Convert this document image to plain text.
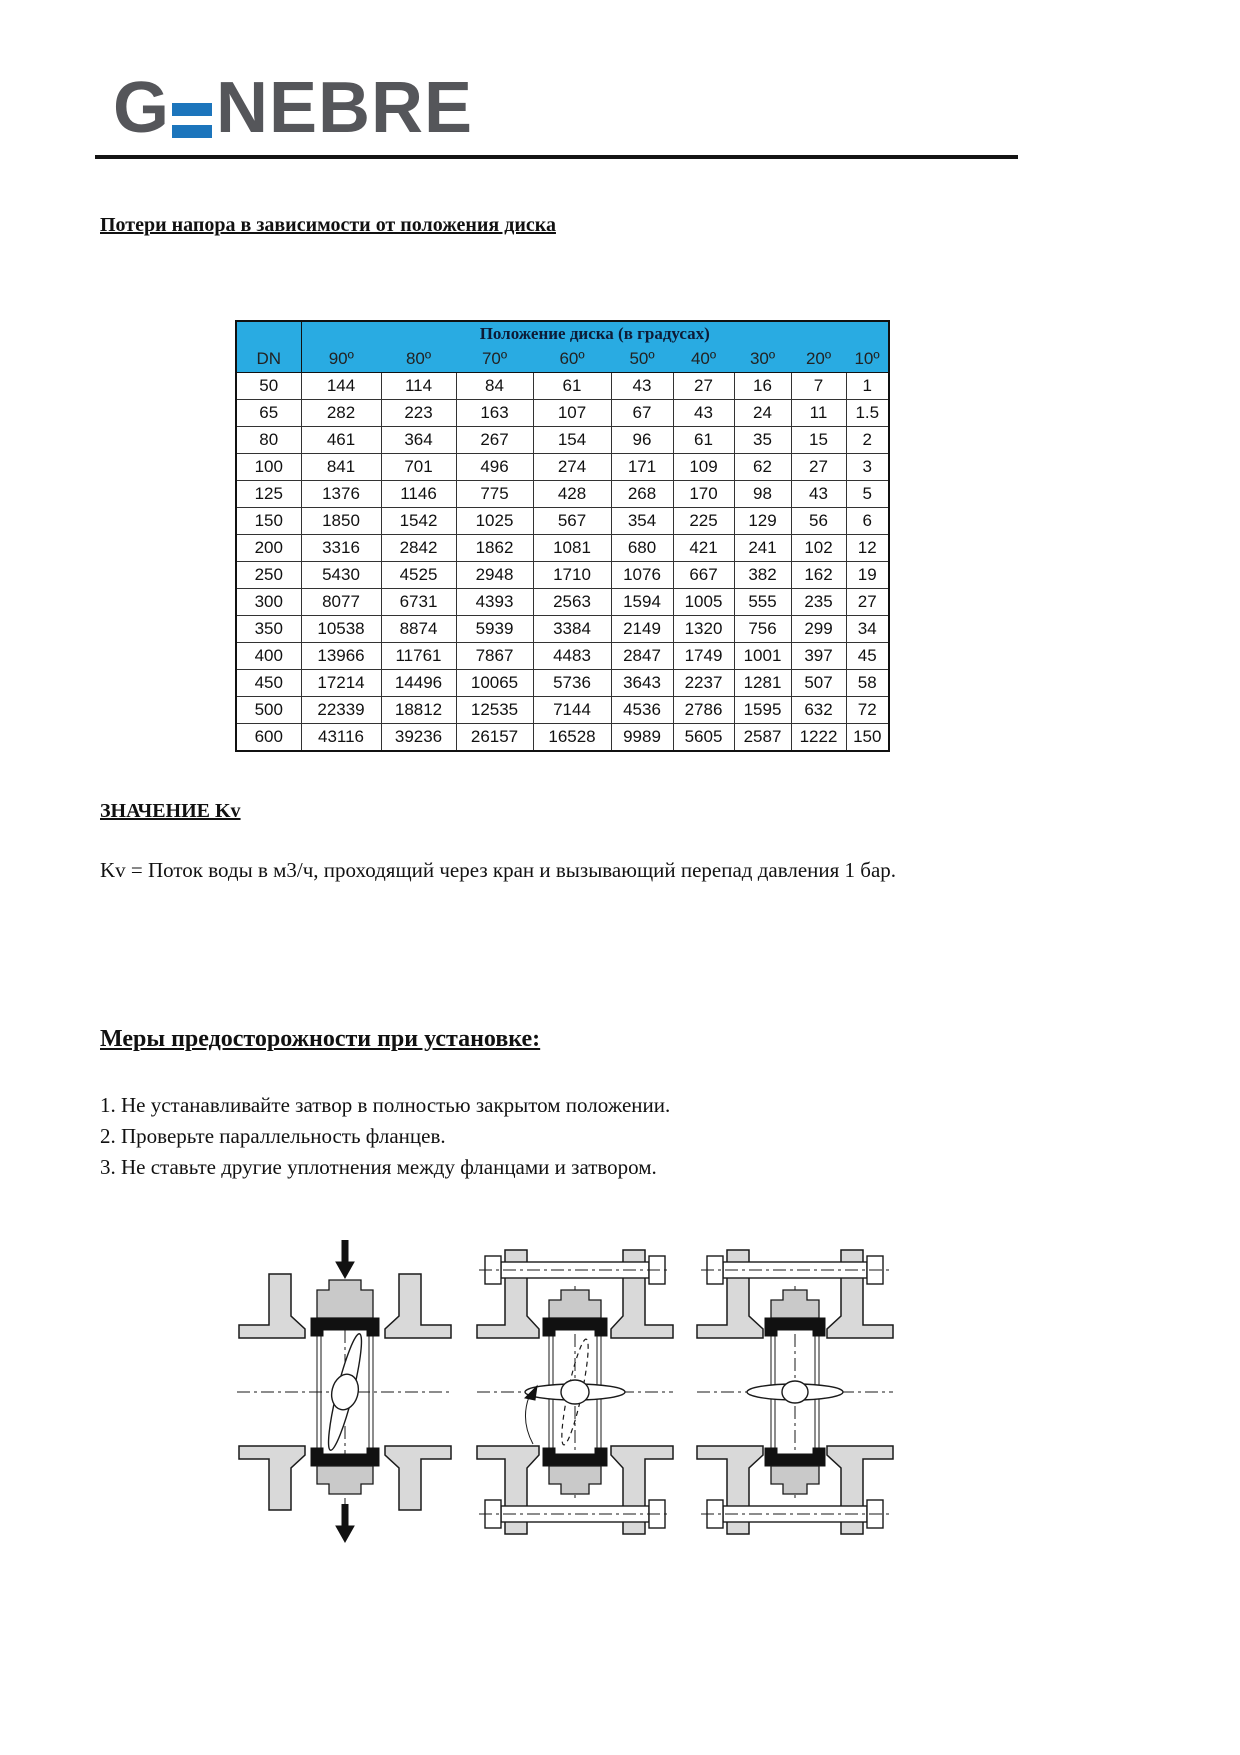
G NEBRE
Потери напора в зависимости от положения диска
	Положение диска (в градусах)								
DN	90º	80º	70º	60º	50º	40º	30º	20º	10º
50	144	114	84	61	43	27	16	7	1
65	282	223	163	107	67	43	24	11	1.5
80	461	364	267	154	96	61	35	15	2
100	841	701	496	274	171	109	62	27	3
125	1376	1146	775	428	268	170	98	43	5
150	1850	1542	1025	567	354	225	129	56	6
200	3316	2842	1862	1081	680	421	241	102	12
250	5430	4525	2948	1710	1076	667	382	162	19
300	8077	6731	4393	2563	1594	1005	555	235	27
350	10538	8874	5939	3384	2149	1320	756	299	34
400	13966	11761	7867	4483	2847	1749	1001	397	45
450	17214	14496	10065	5736	3643	2237	1281	507	58
500	22339	18812	12535	7144	4536	2786	1595	632	72
600	43116	39236	26157	16528	9989	5605	2587	1222	150
ЗНАЧЕНИЕ Kv
Kv = Поток воды в м3/ч, проходящий через кран и вызывающий перепад давления 1 бар.
Меры предосторожности при установке:
1. Не устанавливайте затвор в полностью закрытом положении.
2. Проверьте параллельность фланцев.
3. Не ставьте другие уплотнения между фланцами и затвором.
